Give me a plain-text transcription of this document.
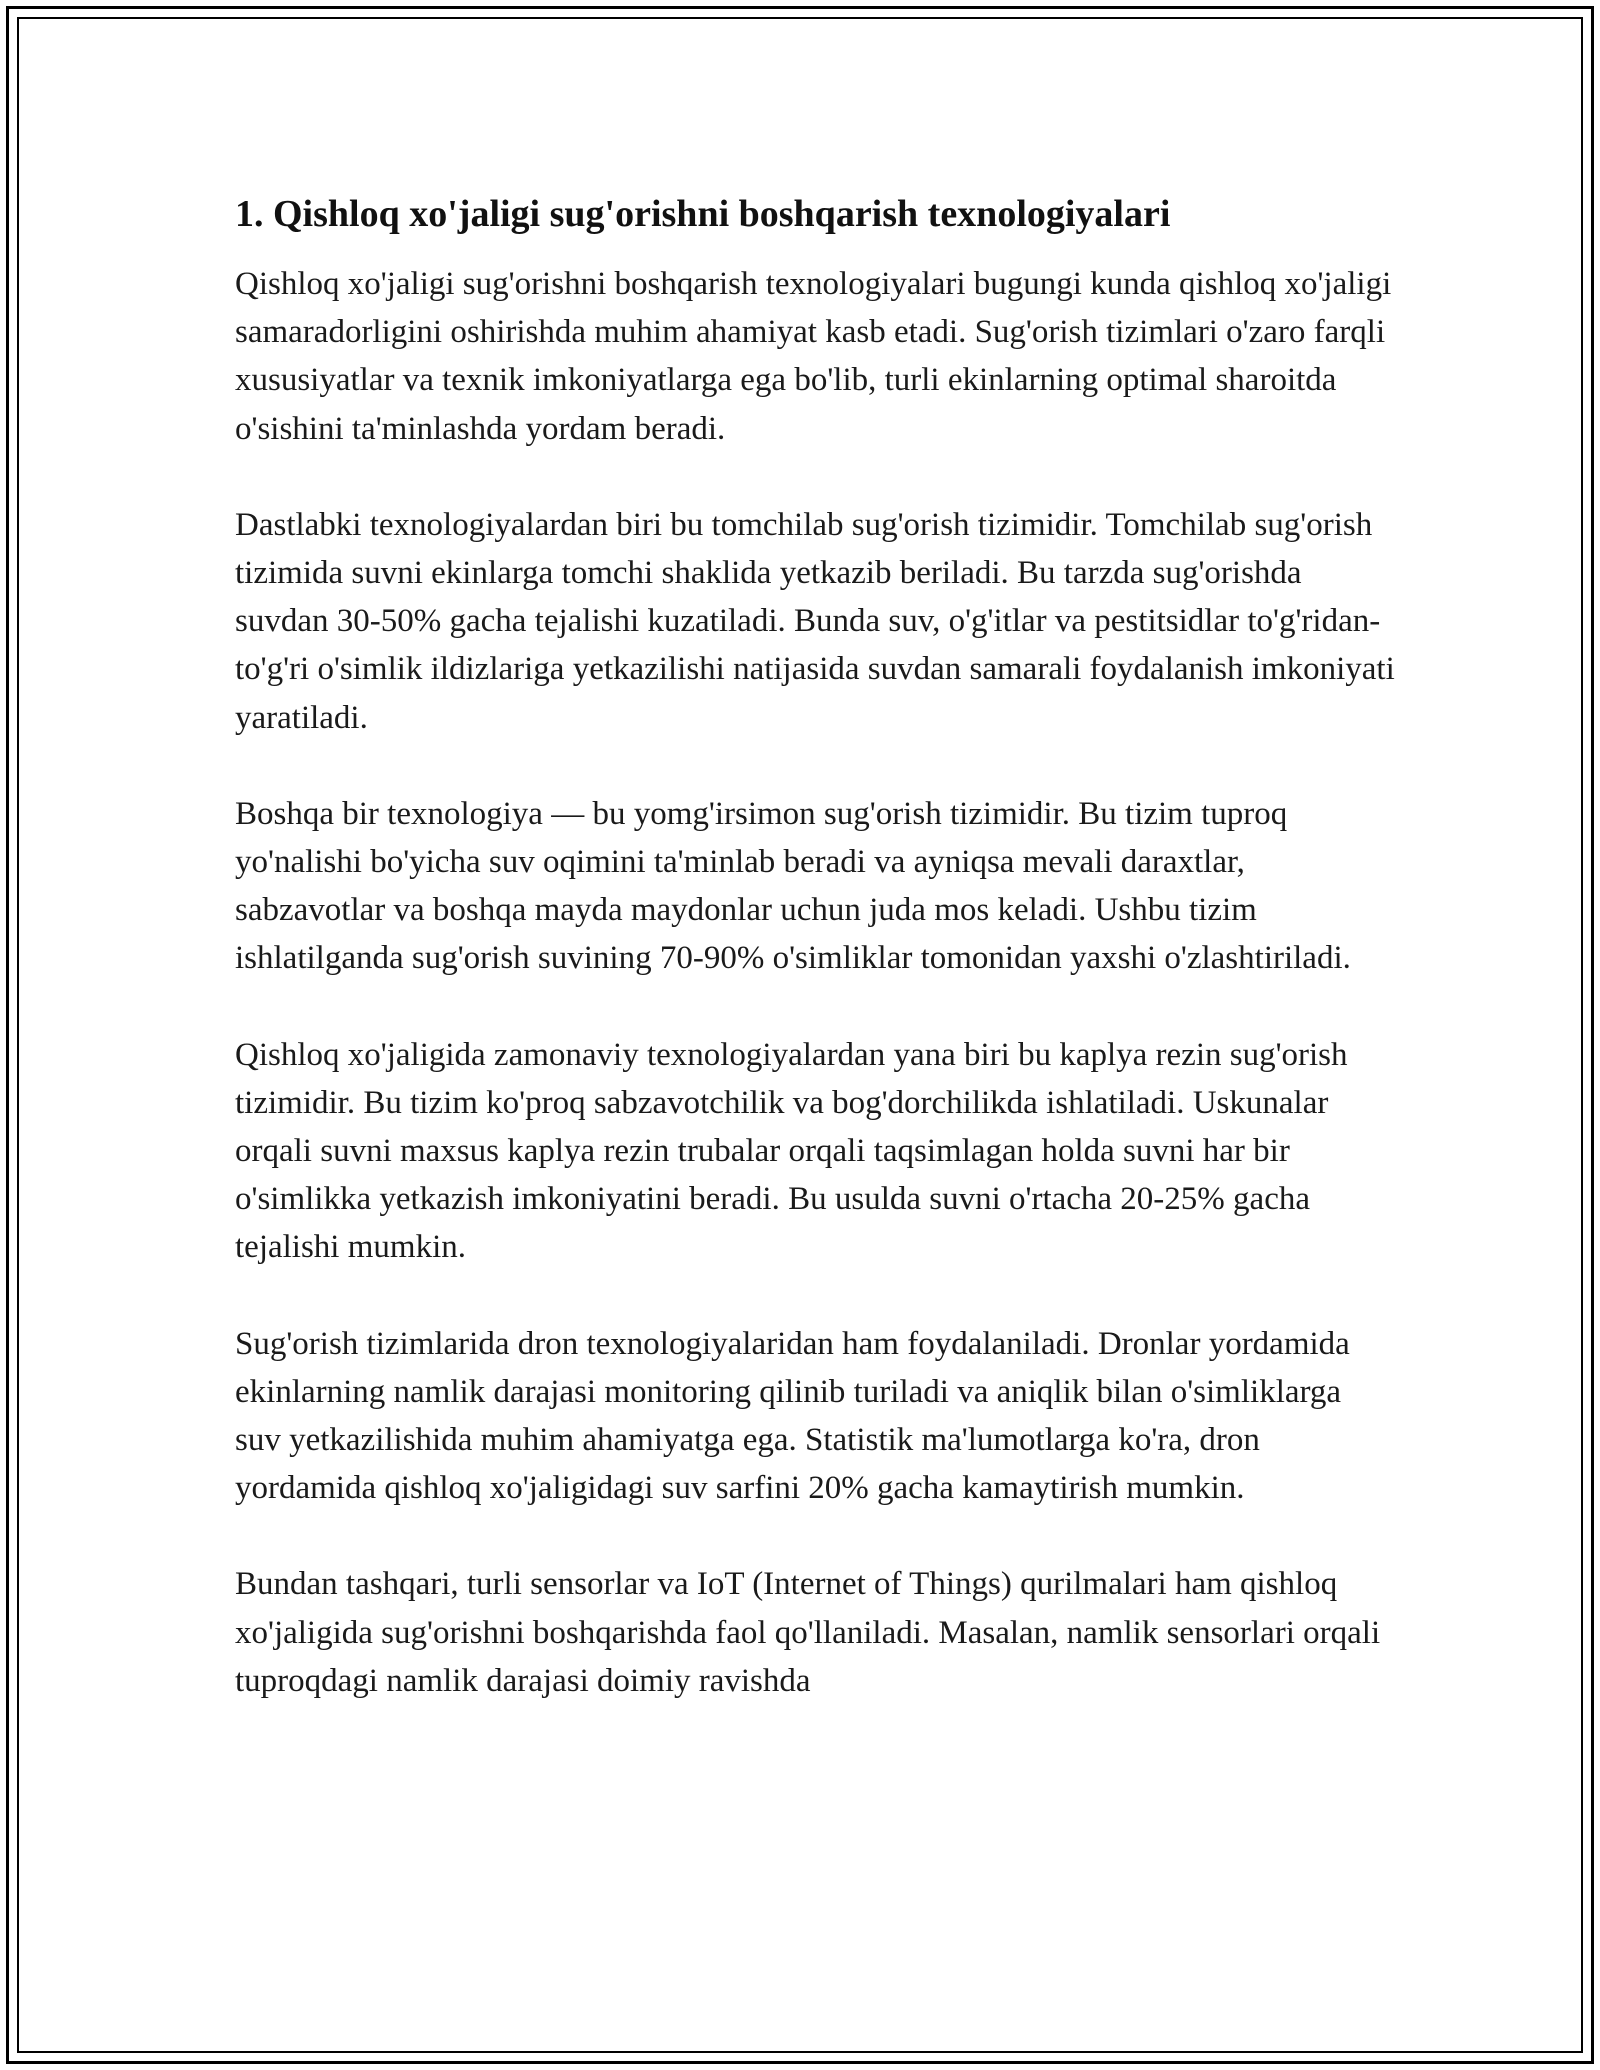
1. Qishloq xo'jaligi sug'orishni boshqarish texnologiyalari

Qishloq xo'jaligi sug'orishni boshqarish texnologiyalari bugungi kunda qishloq xo'jaligi samaradorligini oshirishda muhim ahamiyat kasb etadi. Sug'orish tizimlari o'zaro farqli xususiyatlar va texnik imkoniyatlarga ega bo'lib, turli ekinlarning optimal sharoitda o'sishini ta'minlashda yordam beradi.

Dastlabki texnologiyalardan biri bu tomchilab sug'orish tizimidir. Tomchilab sug'orish tizimida suvni ekinlarga tomchi shaklida yetkazib beriladi. Bu tarzda sug'orishda suvdan 30-50% gacha tejalishi kuzatiladi. Bunda suv, o'g'itlar va pestitsidlar to'g'ridan-to'g'ri o'simlik ildizlariga yetkazilishi natijasida suvdan samarali foydalanish imkoniyati yaratiladi.

Boshqa bir texnologiya — bu yomg'irsimon sug'orish tizimidir. Bu tizim tuproq yo'nalishi bo'yicha suv oqimini ta'minlab beradi va ayniqsa mevali daraxtlar, sabzavotlar va boshqa mayda maydonlar uchun juda mos keladi. Ushbu tizim ishlatilganda sug'orish suvining 70-90% o'simliklar tomonidan yaxshi o'zlashtiriladi.

Qishloq xo'jaligida zamonaviy texnologiyalardan yana biri bu kaplya rezin sug'orish tizimidir. Bu tizim ko'proq sabzavotchilik va bog'dorchilikda ishlatiladi. Uskunalar orqali suvni maxsus kaplya rezin trubalar orqali taqsimlagan holda suvni har bir o'simlikka yetkazish imkoniyatini beradi. Bu usulda suvni o'rtacha 20-25% gacha tejalishi mumkin.

Sug'orish tizimlarida dron texnologiyalaridan ham foydalaniladi. Dronlar yordamida ekinlarning namlik darajasi monitoring qilinib turiladi va aniqlik bilan o'simliklarga suv yetkazilishida muhim ahamiyatga ega. Statistik ma'lumotlarga ko'ra, dron yordamida qishloq xo'jaligidagi suv sarfini 20% gacha kamaytirish mumkin.

Bundan tashqari, turli sensorlar va IoT (Internet of Things) qurilmalari ham qishloq xo'jaligida sug'orishni boshqarishda faol qo'llaniladi. Masalan, namlik sensorlari orqali tuproqdagi namlik darajasi doimiy ravishda
